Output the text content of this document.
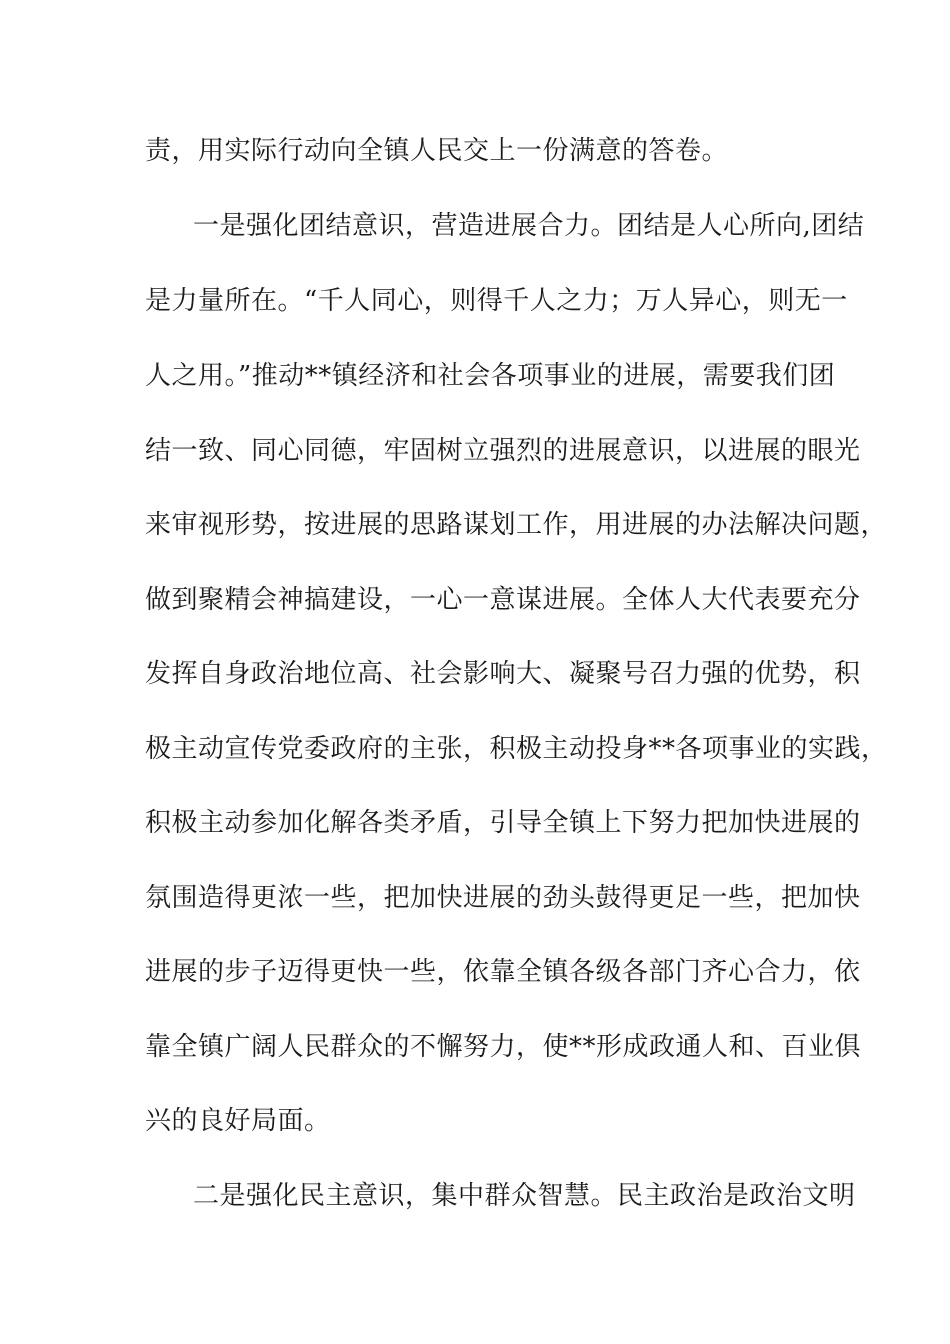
责，用实际行动向全镇人民交上一份满意的答卷。
一是强化团结意识，营造进展合力。团结是人心所向,团结
是力量所在。“千人同心，则得千人之力；万人异心，则无一
人之用。”推动**镇经济和社会各项事业的进展，需要我们团
结一致、同心同德，牢固树立强烈的进展意识，以进展的眼光
来审视形势，按进展的思路谋划工作，用进展的办法解决问题，
做到聚精会神搞建设，一心一意谋进展。全体人大代表要充分
发挥自身政治地位高、社会影响大、凝聚号召力强的优势，积
极主动宣传党委政府的主张，积极主动投身**各项事业的实践，
积极主动参加化解各类矛盾，引导全镇上下努力把加快进展的
氛围造得更浓一些，把加快进展的劲头鼓得更足一些，把加快
进展的步子迈得更快一些，依靠全镇各级各部门齐心合力，依
靠全镇广阔人民群众的不懈努力，使**形成政通人和、百业俱
兴的良好局面。
二是强化民主意识，集中群众智慧。民主政治是政治文明
